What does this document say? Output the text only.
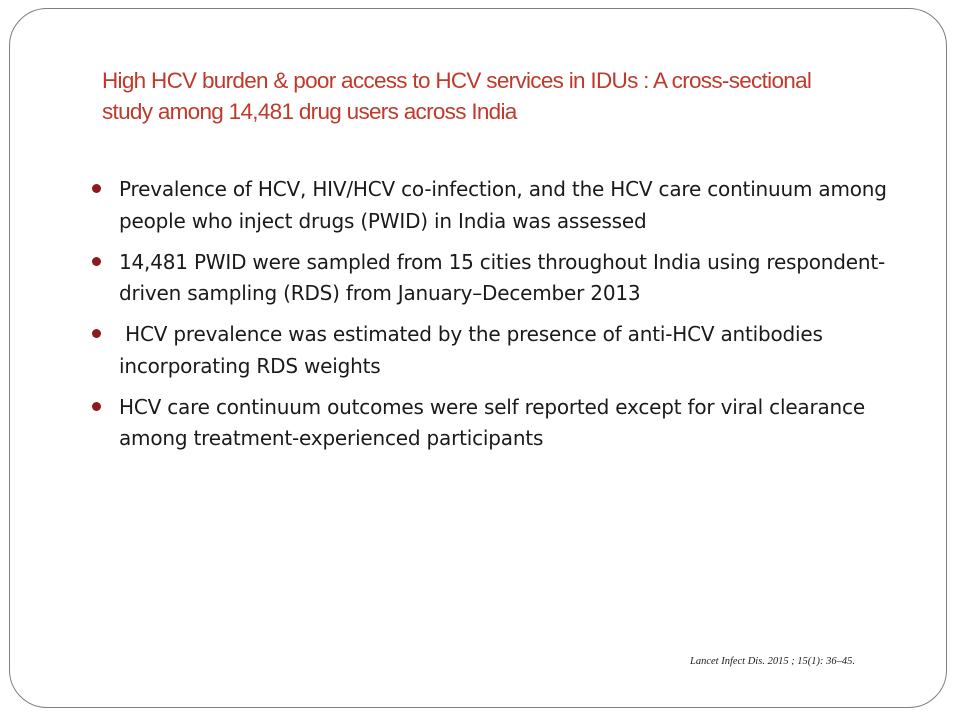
High HCV burden & poor access to HCV services in IDUs : A cross-sectional study among 14,481 drug users across India
Prevalence of HCV, HIV/HCV co-infection, and the HCV care continuum among people who inject drugs (PWID) in India was assessed
14,481 PWID were sampled from 15 cities throughout India using respondent-driven sampling (RDS) from January–December 2013
HCV prevalence was estimated by the presence of anti-HCV antibodies incorporating RDS weights
HCV care continuum outcomes were self reported except for viral clearance among treatment-experienced participants
Lancet Infect Dis. 2015 ; 15(1): 36–45.
